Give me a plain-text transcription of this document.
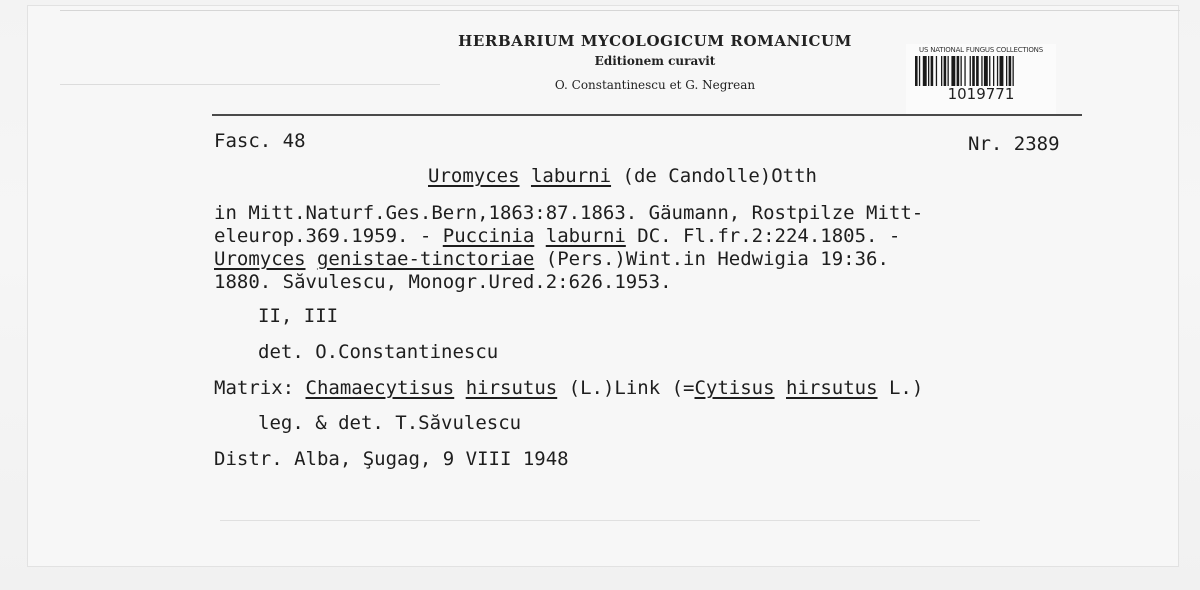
HERBARIUM MYCOLOGICUM ROMANICUM
Editionem curavit
O. Constantinescu et G. Negrean
US NATIONAL FUNGUS COLLECTIONS
1019771
Fasc. 48	Nr. 2389
Uromyces laburni (de Candolle)Otth
in Mitt.Naturf.Ges.Bern,1863:87.1863. Gäumann, Rostpilze Mitt-
eleurop.369.1959. - Puccinia laburni DC. Fl.fr.2:224.1805. -
Uromyces genistae-tinctoriae (Pers.)Wint.in Hedwigia 19:36.
1880. Săvulescu, Monogr.Ured.2:626.1953.
II, III
det. O.Constantinescu
Matrix: Chamaecytisus hirsutus (L.)Link (=Cytisus hirsutus L.)
leg. & det. T.Săvulescu
Distr. Alba, Şugag, 9 VIII 1948
